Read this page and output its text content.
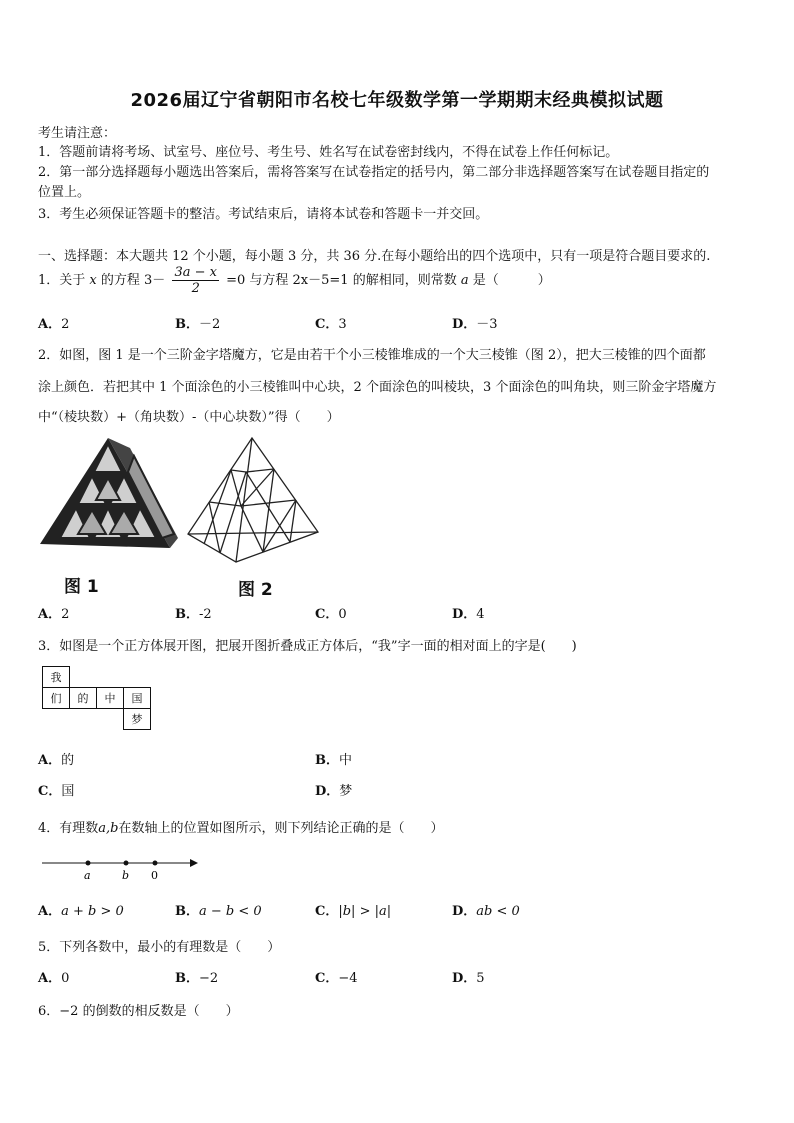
2026届辽宁省朝阳市名校七年级数学第一学期期末经典模拟试题
考生请注意：
1．答题前请将考场、试室号、座位号、考生号、姓名写在试卷密封线内，不得在试卷上作任何标记。
2．第一部分选择题每小题选出答案后，需将答案写在试卷指定的括号内，第二部分非选择题答案写在试卷题目指定的
位置上。
3．考生必须保证答题卡的整洁。考试结束后，请将本试卷和答题卡一并交回。
一、选择题：本大题共 12 个小题，每小题 3 分，共 36 分.在每小题给出的四个选项中，只有一项是符合题目要求的.
1．关于 x 的方程 $3- \frac{3a - x}{2} =0$ 与方程 2x－5=1 的解相同，则常数 a 是（　　　）
A．2	B．－2	C．3	D．－3
2．如图，图 1 是一个三阶金字塔魔方，它是由若干个小三棱锥堆成的一个大三棱锥（图 2），把大三棱锥的四个面都
涂上颜色．若把其中 1 个面涂色的小三棱锥叫中心块，2 个面涂色的叫棱块，3 个面涂色的叫角块，则三阶金字塔魔方
中“（棱块数）+（角块数）-（中心块数）”得（　　）
图 1	图 2
A．2	B．-2	C．0	D．4
3．如图是一个正方体展开图，把展开图折叠成正方体后，“我”字一面的相对面上的字是(　　)
我			
们	的	中	国
			梦
A．的	B．中
C．国	D．梦
4．有理数a,b在数轴上的位置如图所示，则下列结论正确的是（　　）
a	b 0
A．a + b > 0	B．a − b < 0	C．|b| > |a|	D．ab < 0
5．下列各数中，最小的有理数是（　　）
A．0	B．−2	C．−4	D．5
6．−2 的倒数的相反数是（　　）
